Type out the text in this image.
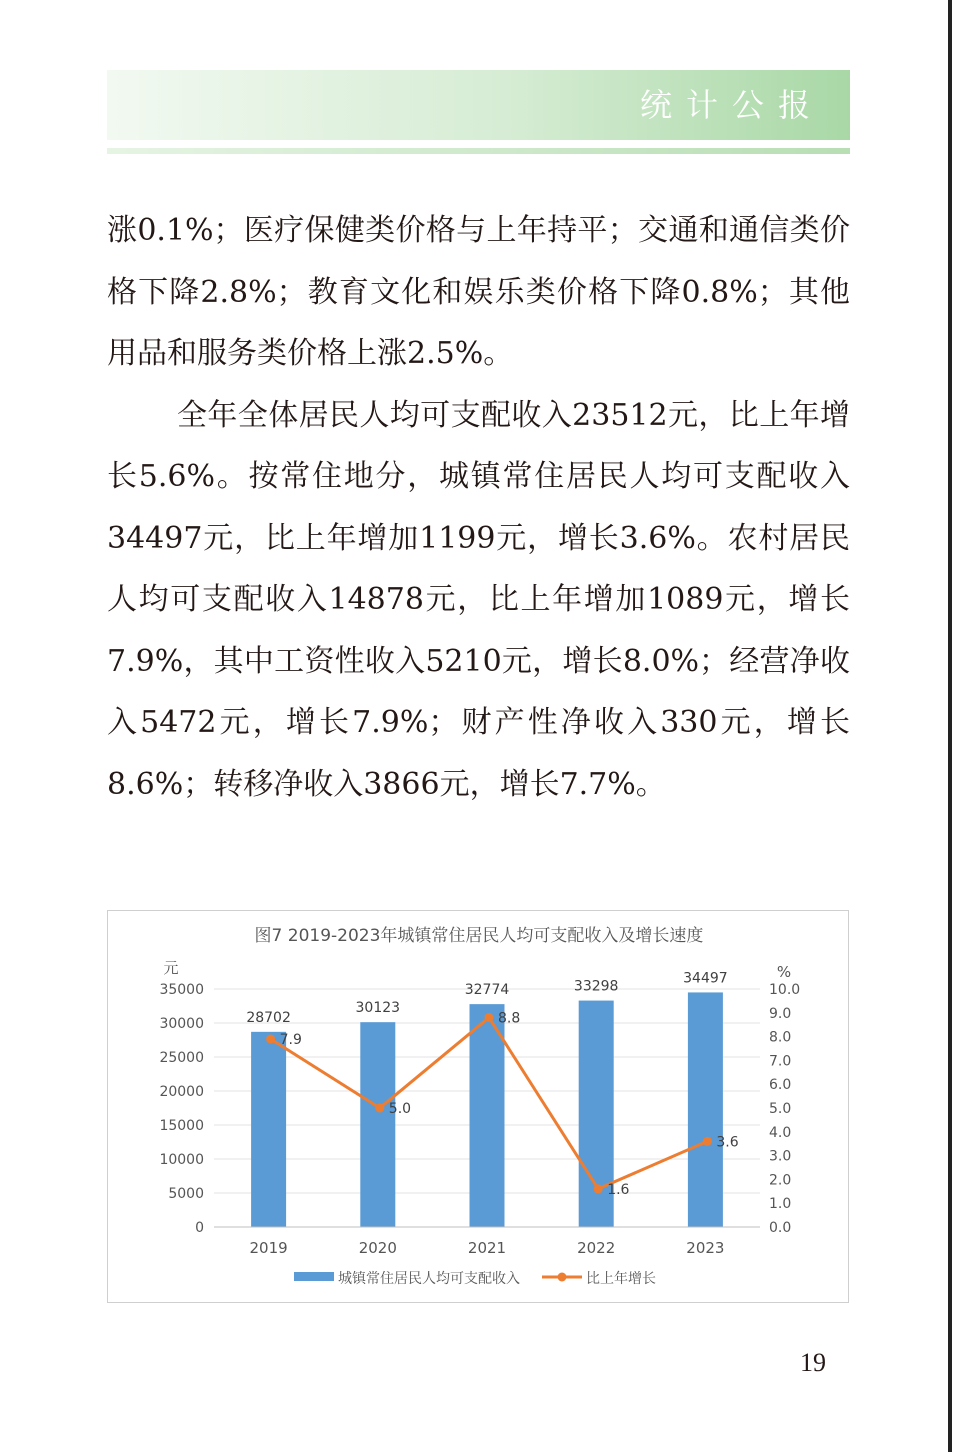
统计公报

涨0.1%；医疗保健类价格与上年持平；交通和通信类价格下降2.8%；教育文化和娱乐类价格下降0.8%；其他用品和服务类价格上涨2.5%。

全年全体居民人均可支配收入23512元，比上年增长5.6%。按常住地分，城镇常住居民人均可支配收入34497元，比上年增加1199元，增长3.6%。农村居民人均可支配收入14878元，比上年增加1089元，增长7.9%，其中工资性收入5210元，增长8.0%；经营净收入5472元，增长7.9%；财产性净收入330元，增长8.6%；转移净收入3866元，增长7.7%。

28702
30123
32774	33298
34497
7.9
5.0
8.8
1.6
3.6
图7 2019-2023年城镇常住居民人均可支配收入及增长速度
元	%
0
5000
10000
15000
20000
25000
30000
35000
0.0
1.0
2.0
3.0
4.0
5.0
6.0
7.0
8.0
9.0
10.0
2019	2020	2021	2022	2023
城镇常住居民人均可支配收入	比上年增长
19
